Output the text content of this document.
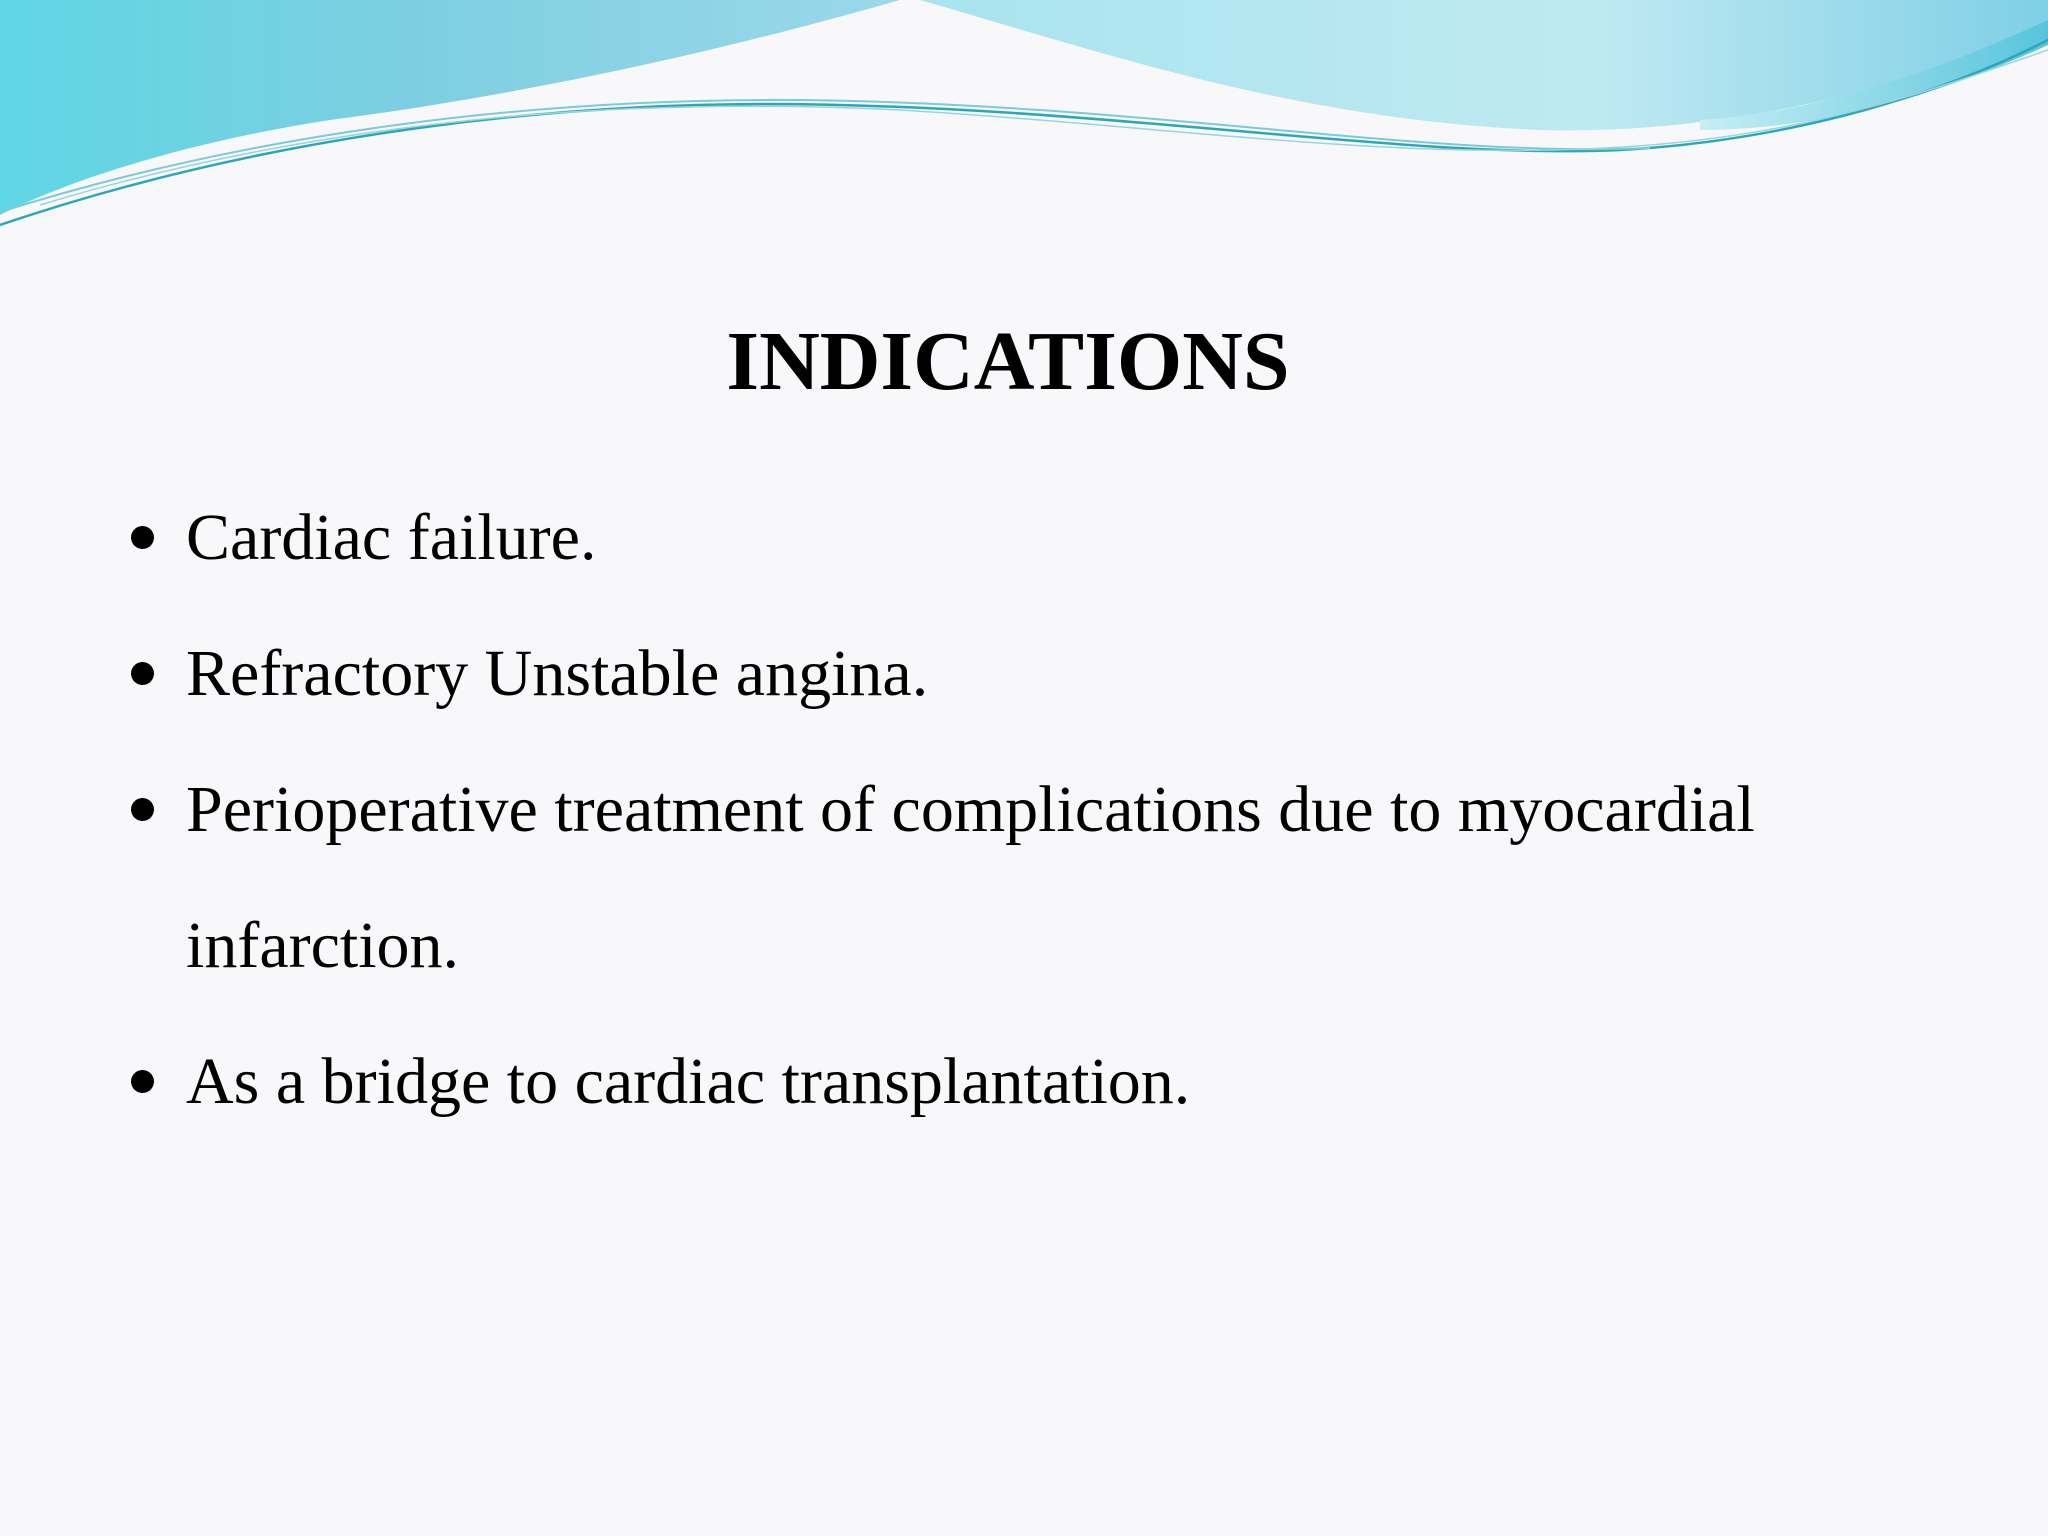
INDICATIONS
Cardiac failure.
Refractory Unstable angina.
Perioperative treatment of complications due to myocardial infarction.
As a bridge to cardiac transplantation.
